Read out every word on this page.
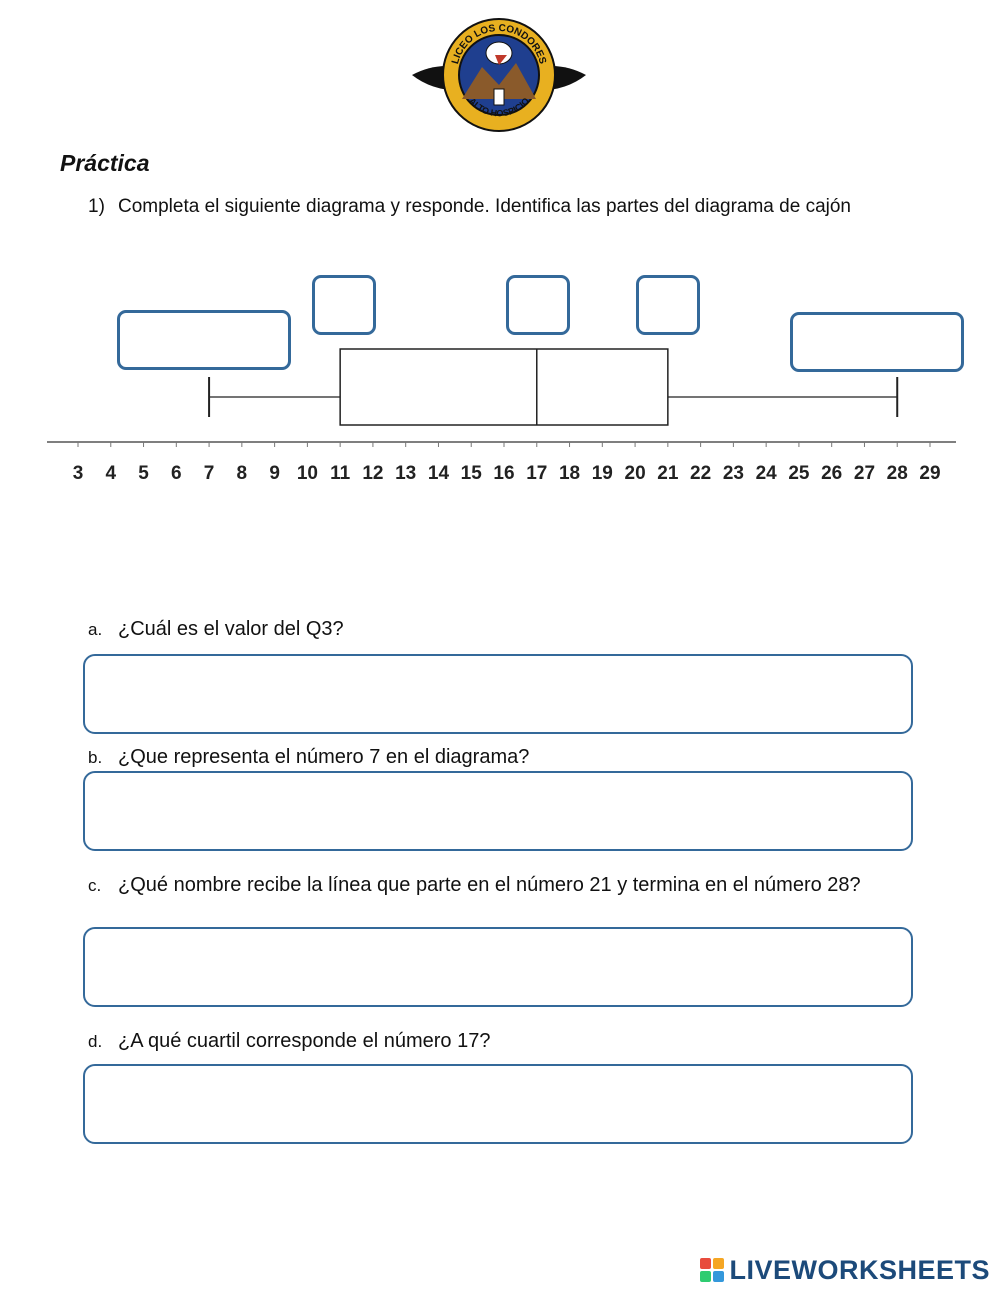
LICEO LOS CONDORES
ALTO HOSPICIO
Práctica
1) Completa el siguiente diagrama y responde. Identifica las partes del diagrama de cajón
3 4 5 6 7 8 9 10 11 12 13 14 15 16 17 18 19 20 21 22 23 24 25 26 27 28 29
a. ¿Cuál es el valor del Q3?
b. ¿Que representa el número 7 en el diagrama?
c. ¿Qué nombre recibe la línea que parte en el número 21 y termina en el número 28?
d. ¿A qué cuartil corresponde el número 17?
LIVEWORKSHEETS
